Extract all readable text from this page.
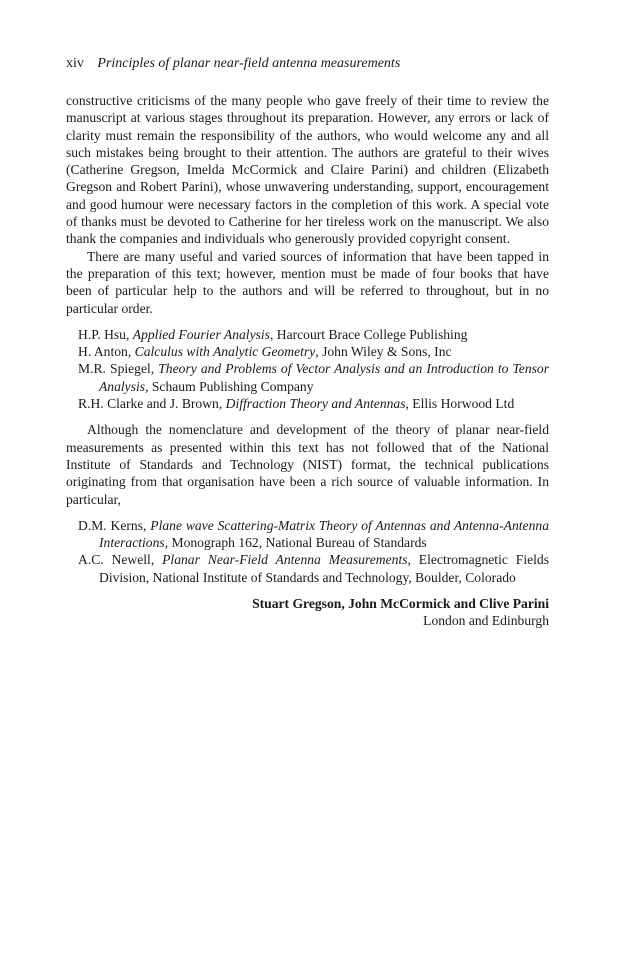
xiv Principles of planar near-field antenna measurements

constructive criticisms of the many people who gave freely of their time to review the manuscript at various stages throughout its preparation. However, any errors or lack of clarity must remain the responsibility of the authors, who would welcome any and all such mistakes being brought to their attention. The authors are grateful to their wives (Catherine Gregson, Imelda McCormick and Claire Parini) and children (Elizabeth Gregson and Robert Parini), whose unwavering understanding, support, encouragement and good humour were necessary factors in the completion of this work. A special vote of thanks must be devoted to Catherine for her tireless work on the manuscript. We also thank the companies and individuals who generously provided copyright consent.

There are many useful and varied sources of information that have been tapped in the preparation of this text; however, mention must be made of four books that have been of particular help to the authors and will be referred to throughout, but in no particular order.

H.P. Hsu, Applied Fourier Analysis, Harcourt Brace College Publishing

H. Anton, Calculus with Analytic Geometry, John Wiley & Sons, Inc

M.R. Spiegel, Theory and Problems of Vector Analysis and an Introduction to Tensor Analysis, Schaum Publishing Company

R.H. Clarke and J. Brown, Diffraction Theory and Antennas, Ellis Horwood Ltd

Although the nomenclature and development of the theory of planar near-field measurements as presented within this text has not followed that of the National Institute of Standards and Technology (NIST) format, the technical publications originating from that organisation have been a rich source of valuable information. In particular,

D.M. Kerns, Plane wave Scattering-Matrix Theory of Antennas and Antenna-Antenna Interactions, Monograph 162, National Bureau of Standards

A.C. Newell, Planar Near-Field Antenna Measurements, Electromagnetic Fields Division, National Institute of Standards and Technology, Boulder, Colorado

Stuart Gregson, John McCormick and Clive Parini

London and Edinburgh
